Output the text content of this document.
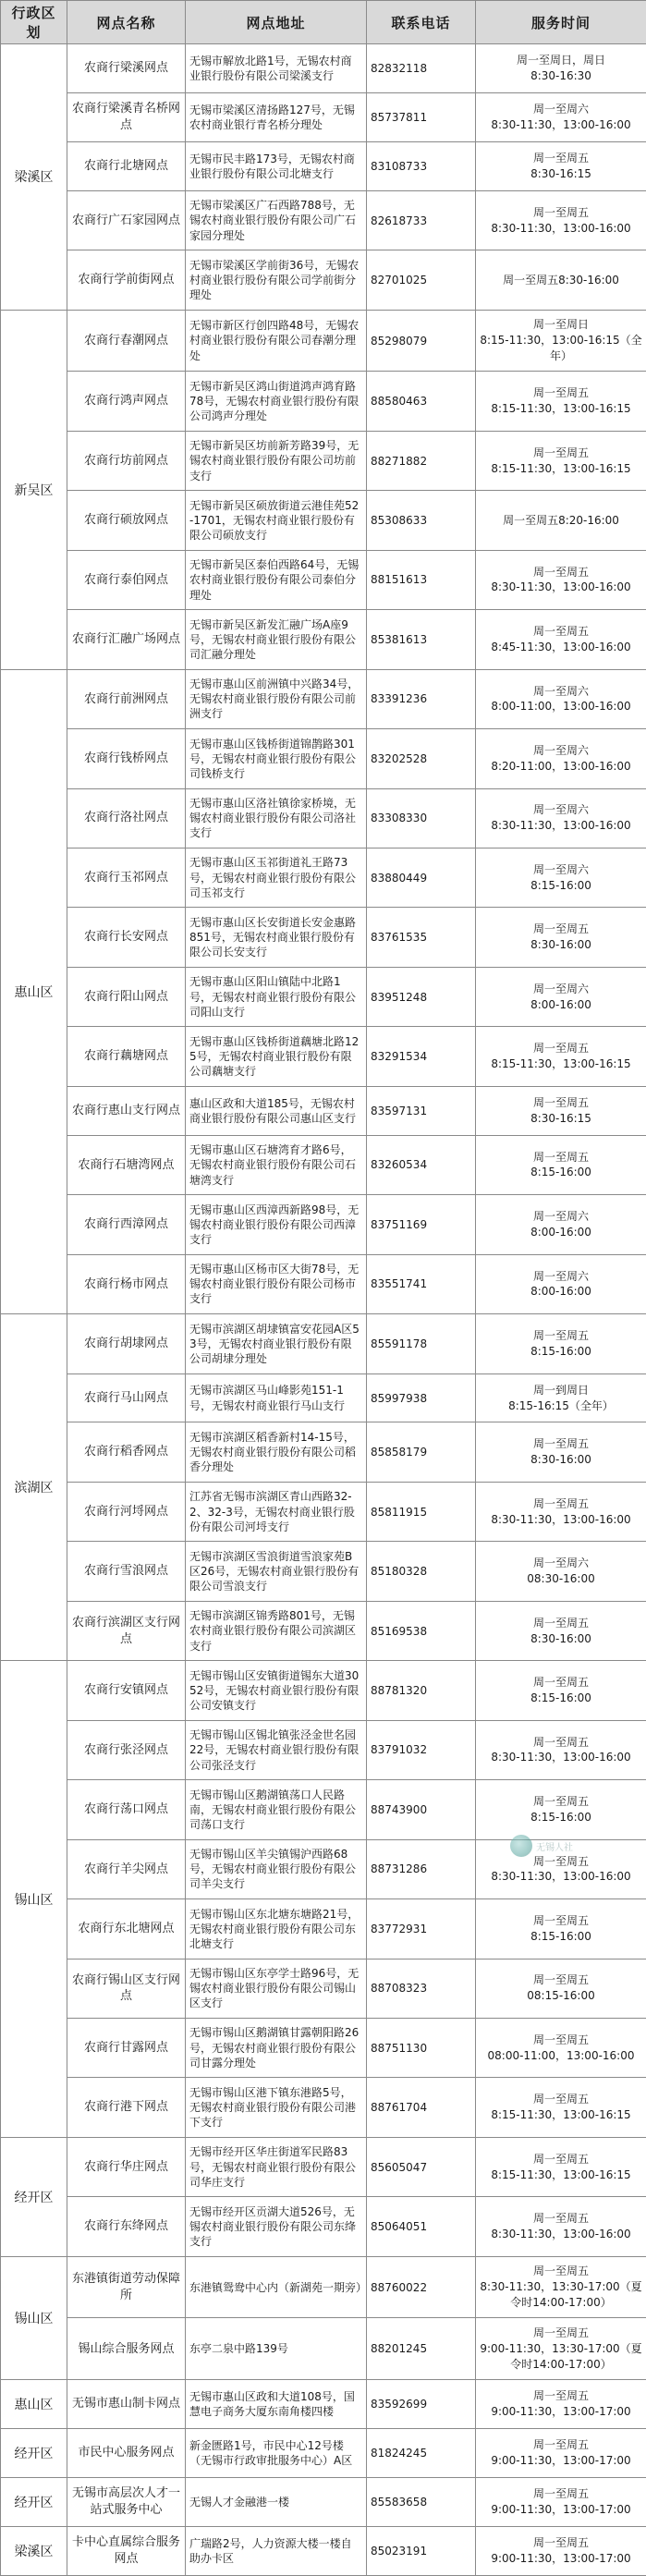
行政区划	网点名称	网点地址	联系电话	服务时间
梁溪区	农商行梁溪网点	无锡市解放北路1号，无锡农村商业银行股份有限公司梁溪支行	82832118	周一至周日，周日
8:30-16:30

	农商行梁溪青名桥网点	无锡市梁溪区清扬路127号，无锡农村商业银行青名桥分理处	85737811	周一至周六
8:30-11:30，13:00-16:00

	农商行北塘网点	无锡市民丰路173号，无锡农村商业银行股份有限公司北塘支行	83108733	周一至周五
8:30-16:15

	农商行广石家园网点	无锡市梁溪区广石西路788号，无锡农村商业银行股份有限公司广石家园分理处	82618733	周一至周五
8:30-11:30，13:00-16:00

	农商行学前街网点	无锡市梁溪区学前街36号，无锡农村商业银行股份有限公司学前街分理处	82701025	周一至周五8:30-16:00

新吴区	农商行春潮网点	无锡市新区行创四路48号，无锡农村商业银行股份有限公司春潮分理处	85298079	周一至周日
8:15-11:30，13:00-16:15（全年）

	农商行鸿声网点	无锡市新吴区鸿山街道鸿声鸿育路78号，无锡农村商业银行股份有限公司鸿声分理处	88580463	周一至周五
8:15-11:30，13:00-16:15

	农商行坊前网点	无锡市新吴区坊前新芳路39号，无锡农村商业银行股份有限公司坊前支行	88271882	周一至周五
8:15-11:30，13:00-16:15

	农商行硕放网点	无锡市新吴区硕放街道云港佳苑52-1701，无锡农村商业银行股份有限公司硕放支行	85308633	周一至周五8:20-16:00

	农商行泰伯网点	无锡市新吴区泰伯西路64号，无锡农村商业银行股份有限公司泰伯分理处	88151613	周一至周五
8:30-11:30，13:00-16:00

	农商行汇融广场网点	无锡市新吴区新发汇融广场A座9号，无锡农村商业银行股份有限公司汇融分理处	85381613	周一至周五
8:45-11:30，13:00-16:00

惠山区	农商行前洲网点	无锡市惠山区前洲镇中兴路34号，无锡农村商业银行股份有限公司前洲支行	83391236	周一至周六
8:00-11:00，13:00-16:00

	农商行钱桥网点	无锡市惠山区钱桥街道锦鹊路301号，无锡农村商业银行股份有限公司钱桥支行	83202528	周一至周六
8:20-11:00，13:00-16:00

	农商行洛社网点	无锡市惠山区洛社镇徐家桥境，无锡农村商业银行股份有限公司洛社支行	83308330	周一至周六
8:30-11:30，13:00-16:00

	农商行玉祁网点	无锡市惠山区玉祁街道礼王路73号，无锡农村商业银行股份有限公司玉祁支行	83880449	周一至周六
8:15-16:00

	农商行长安网点	无锡市惠山区长安街道长安金惠路851号，无锡农村商业银行股份有限公司长安支行	83761535	周一至周五
8:30-16:00

	农商行阳山网点	无锡市惠山区阳山镇陆中北路1号，无锡农村商业银行股份有限公司阳山支行	83951248	周一至周六
8:00-16:00

	农商行藕塘网点	无锡市惠山区钱桥街道藕塘北路125号，无锡农村商业银行股份有限公司藕塘支行	83291534	周一至周五
8:15-11:30，13:00-16:15

	农商行惠山支行网点	惠山区政和大道185号，无锡农村商业银行股份有限公司惠山区支行	83597131	周一至周五
8:30-16:15

	农商行石塘湾网点	无锡市惠山区石塘湾育才路6号，无锡农村商业银行股份有限公司石塘湾支行	83260534	周一至周五
8:15-16:00

	农商行西漳网点	无锡市惠山区西漳西新路98号，无锡农村商业银行股份有限公司西漳支行	83751169	周一至周六
8:00-16:00

	农商行杨市网点	无锡市惠山区杨市区大街78号，无锡农村商业银行股份有限公司杨市支行	83551741	周一至周六
8:00-16:00

滨湖区	农商行胡埭网点	无锡市滨湖区胡埭镇富安花园A区53号，无锡农村商业银行股份有限公司胡埭分理处	85591178	周一至周五
8:15-16:00

	农商行马山网点	无锡市滨湖区马山峰影苑151-1号，无锡农村商业银行马山支行	85997938	周一到周日
8:15-16:15（全年）

	农商行稻香网点	无锡市滨湖区稻香新村14-15号，无锡农村商业银行股份有限公司稻香分理处	85858179	周一至周五
8:30-16:00

	农商行河埒网点	江苏省无锡市滨湖区青山西路32-2、32-3号，无锡农村商业银行股份有限公司河埒支行	85811915	周一至周五
8:30-11:30，13:00-16:00

	农商行雪浪网点	无锡市滨湖区雪浪街道雪浪家苑B区26号，无锡农村商业银行股份有限公司雪浪支行	85180328	周一至周六
08:30-16:00

	农商行滨湖区支行网点	无锡市滨湖区锦秀路801号，无锡农村商业银行股份有限公司滨湖区支行	85169538	周一至周五
8:30-16:00

锡山区	农商行安镇网点	无锡市锡山区安镇街道锡东大道3052号，无锡农村商业银行股份有限公司安镇支行	88781320	周一至周五
8:15-16:00

	农商行张泾网点	无锡市锡山区锡北镇张泾金世名园22号，无锡农村商业银行股份有限公司张泾支行	83791032	周一至周五
8:30-11:30，13:00-16:00

	农商行荡口网点	无锡市锡山区鹅湖镇荡口人民路南，无锡农村商业银行股份有限公司荡口支行	88743900	周一至周五
8:15-16:00

	农商行羊尖网点	无锡市锡山区羊尖镇锡沪西路68号，无锡农村商业银行股份有限公司羊尖支行	88731286	周一至周五
8:30-11:30，13:00-16:00

	农商行东北塘网点	无锡市锡山区东北塘东塘路21号，无锡农村商业银行股份有限公司东北塘支行	83772931	周一至周五
8:15-16:00

	农商行锡山区支行网点	无锡市锡山区东亭学士路96号，无锡农村商业银行股份有限公司锡山区支行	88708323	周一至周五
08:15-16:00

	农商行甘露网点	无锡市锡山区鹅湖镇甘露朝阳路26号，无锡农村商业银行股份有限公司甘露分理处	88751130	周一至周五
08:00-11:00，13:00-16:00

	农商行港下网点	无锡市锡山区港下镇东港路5号，无锡农村商业银行股份有限公司港下支行	88761704	周一至周五
8:15-11:30，13:00-16:15

经开区	农商行华庄网点	无锡市经开区华庄街道军民路83号，无锡农村商业银行股份有限公司华庄支行	85605047	周一至周五
8:15-11:30，13:00-16:15

	农商行东绛网点	无锡市经开区贡湖大道526号，无锡农村商业银行股份有限公司东绛支行	85064051	周一至周五
8:30-11:30，13:00-16:00

锡山区	东港镇街道劳动保障所	东港镇鸳鸯中心内（新湖苑一期旁）	88760022	周一至周五
8:30-11:30，13:30-17:00（夏令时14:00-17:00）

	锡山综合服务网点	东亭二泉中路139号	88201245	周一至周五
9:00-11:30，13:30-17:00（夏令时14:00-17:00）

惠山区	无锡市惠山制卡网点	无锡市惠山区政和大道108号，国慧电子商务大厦东南角楼四楼	83592699	周一至周五
9:00-11:30，13:00-17:00

经开区	市民中心服务网点	新金匮路1号，市民中心12号楼（无锡市行政审批服务中心）A区	81824245	周一至周五
9:00-11:30，13:00-17:00

经开区	无锡市高层次人才一站式服务中心	无锡人才金融港一楼	85583658	周一至周五
9:00-11:30，13:00-17:00

梁溪区	卡中心直属综合服务网点	广瑞路2号，人力资源大楼一楼自助办卡区	85023191	周一至周五
9:00-11:30，13:00-17:00
无锡人社
